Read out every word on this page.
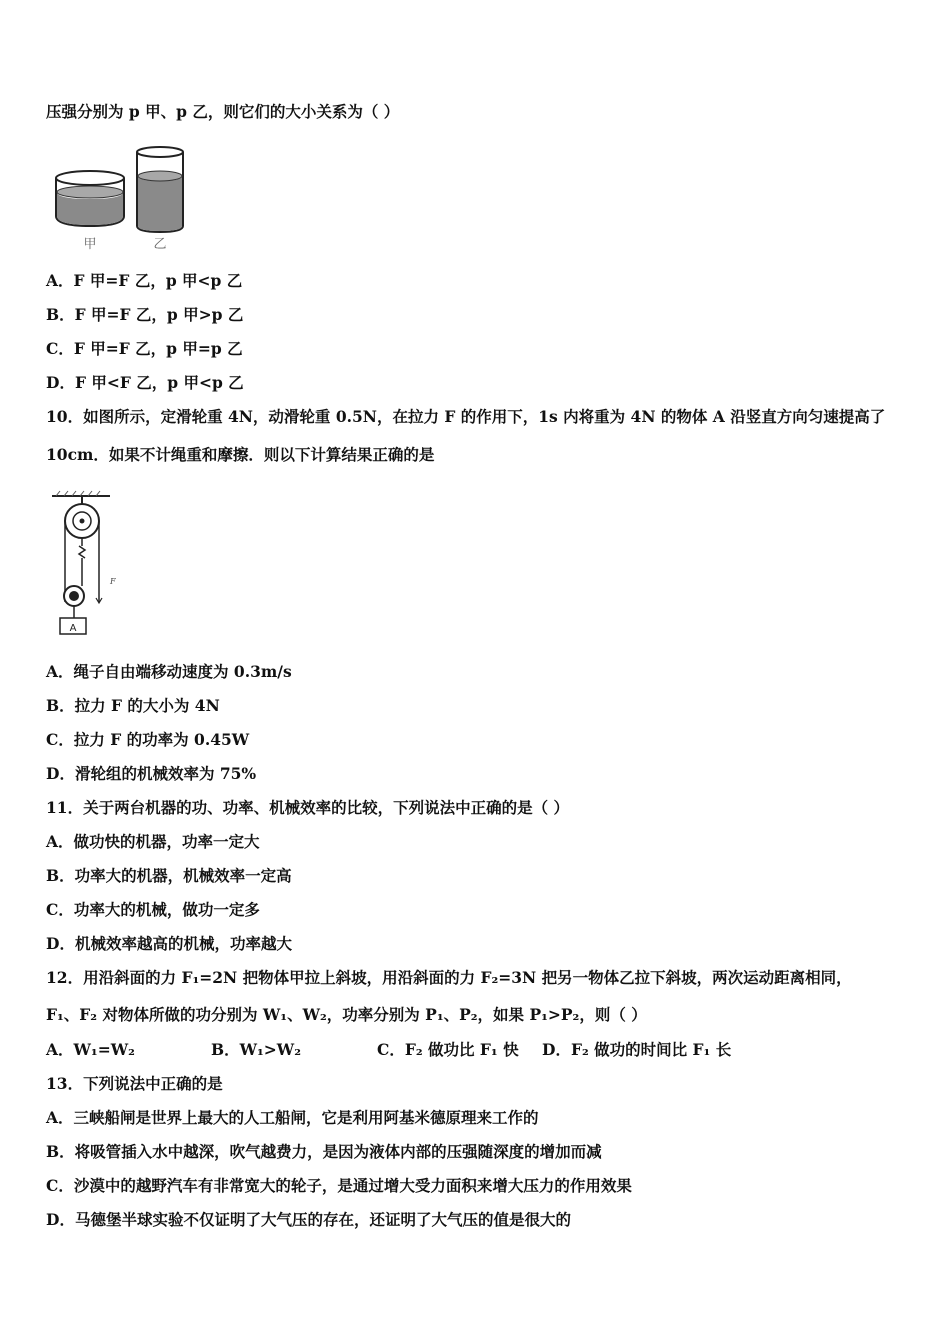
压强分别为 p 甲、p 乙，则它们的大小关系为（ ）
甲	乙
A．F 甲=F 乙，p 甲<p 乙
B．F 甲=F 乙，p 甲>p 乙
C．F 甲=F 乙，p 甲=p 乙
D．F 甲<F 乙，p 甲<p 乙
10．如图所示，定滑轮重 4N，动滑轮重 0.5N，在拉力 F 的作用下，1s 内将重为 4N 的物体 A 沿竖直方向匀速提高了
10cm．如果不计绳重和摩擦．则以下计算结果正确的是
A
F
A．绳子自由端移动速度为 0.3m/s
B．拉力 F 的大小为 4N
C．拉力 F 的功率为 0.45W
D．滑轮组的机械效率为 75%
11．关于两台机器的功、功率、机械效率的比较，下列说法中正确的是（ ）
A．做功快的机器，功率一定大
B．功率大的机器，机械效率一定高
C．功率大的机械，做功一定多
D．机械效率越高的机械，功率越大
12．用沿斜面的力 F₁=2N 把物体甲拉上斜坡，用沿斜面的力 F₂=3N 把另一物体乙拉下斜坡，两次运动距离相同，
F₁、F₂ 对物体所做的功分别为 W₁、W₂，功率分别为 P₁、P₂，如果 P₁>P₂，则（ ）
A．W₁=W₂	B．W₁>W₂	C．F₂ 做功比 F₁ 快 D．F₂ 做功的时间比 F₁ 长
13．下列说法中正确的是
A．三峡船闸是世界上最大的人工船闸，它是利用阿基米德原理来工作的
B．将吸管插入水中越深，吹气越费力，是因为液体内部的压强随深度的增加而减
C．沙漠中的越野汽车有非常宽大的轮子，是通过增大受力面积来增大压力的作用效果
D．马德堡半球实验不仅证明了大气压的存在，还证明了大气压的值是很大的
